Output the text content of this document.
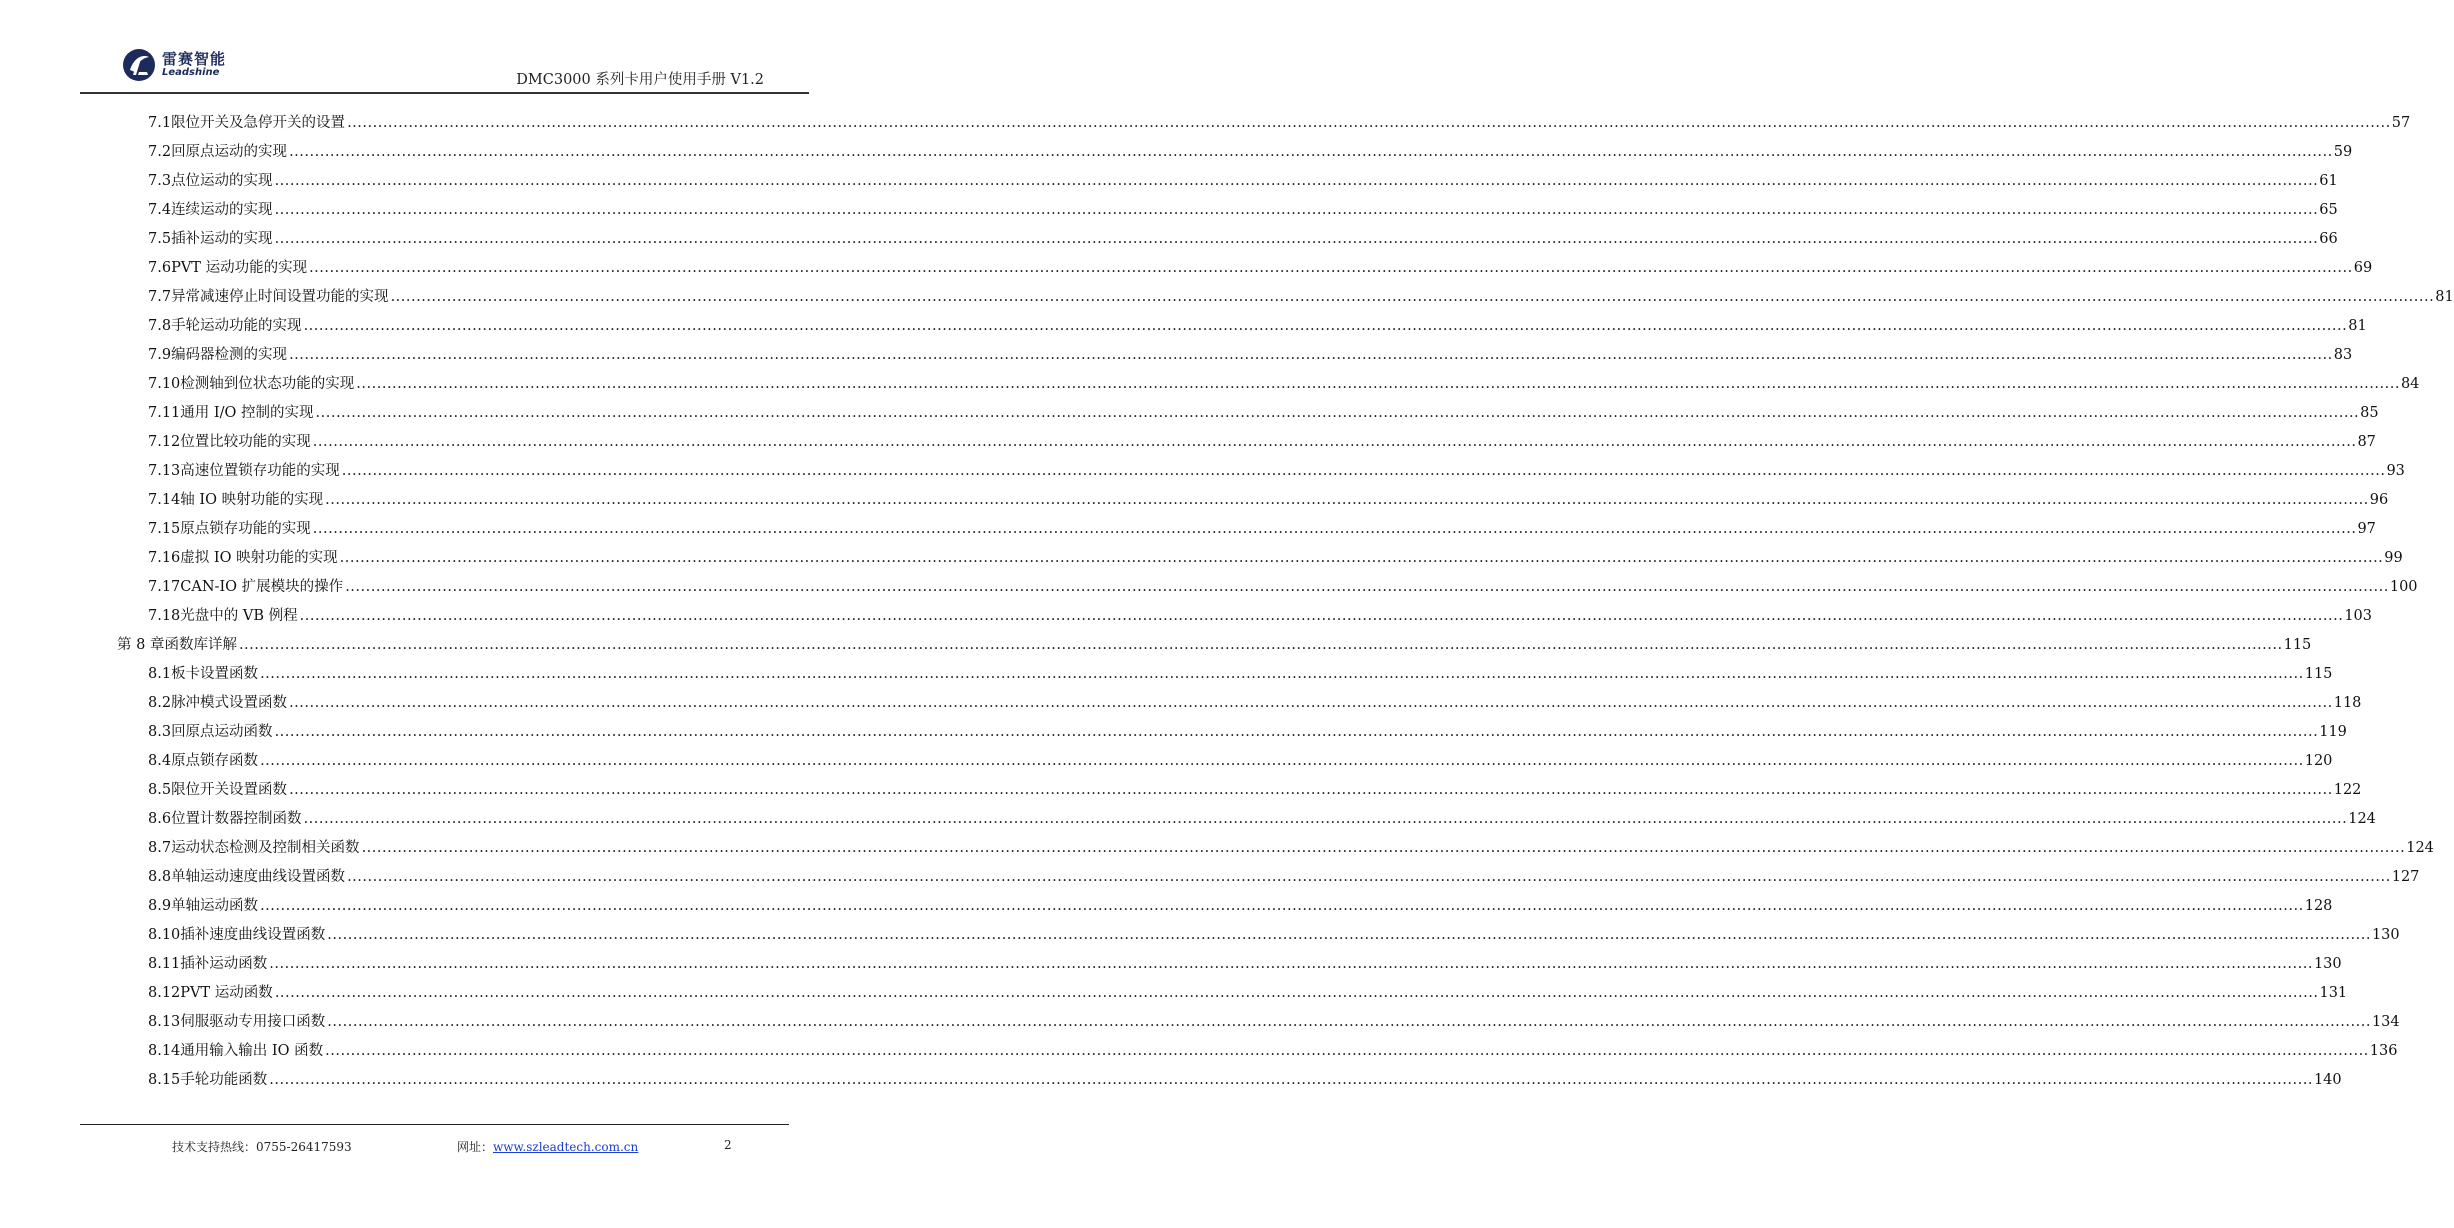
雷赛智能
Leadshine	DMC3000 系列卡用户使用手册 V1.2
7.1 限位开关及急停开关的设置 ................................................................................................................................................................................................................................................................................................................................................................................................................ 57
7.2 回原点运动的实现 ................................................................................................................................................................................................................................................................................................................................................................................................................ 59
7.3 点位运动的实现 ................................................................................................................................................................................................................................................................................................................................................................................................................ 61
7.4 连续运动的实现 ................................................................................................................................................................................................................................................................................................................................................................................................................ 65
7.5 插补运动的实现 ................................................................................................................................................................................................................................................................................................................................................................................................................ 66
7.6 PVT 运动功能的实现 ................................................................................................................................................................................................................................................................................................................................................................................................................ 69
7.7 异常减速停止时间设置功能的实现 ................................................................................................................................................................................................................................................................................................................................................................................................................ 81
7.8 手轮运动功能的实现 ................................................................................................................................................................................................................................................................................................................................................................................................................ 81
7.9 编码器检测的实现 ................................................................................................................................................................................................................................................................................................................................................................................................................ 83
7.10 检测轴到位状态功能的实现 ................................................................................................................................................................................................................................................................................................................................................................................................................ 84
7.11 通用 I/O 控制的实现 ................................................................................................................................................................................................................................................................................................................................................................................................................ 85
7.12 位置比较功能的实现 ................................................................................................................................................................................................................................................................................................................................................................................................................ 87
7.13 高速位置锁存功能的实现 ................................................................................................................................................................................................................................................................................................................................................................................................................ 93
7.14 轴 IO 映射功能的实现 ................................................................................................................................................................................................................................................................................................................................................................................................................ 96
7.15 原点锁存功能的实现 ................................................................................................................................................................................................................................................................................................................................................................................................................ 97
7.16 虚拟 IO 映射功能的实现 ................................................................................................................................................................................................................................................................................................................................................................................................................ 99
7.17 CAN-IO 扩展模块的操作 ................................................................................................................................................................................................................................................................................................................................................................................................................ 100
7.18 光盘中的 VB 例程 ................................................................................................................................................................................................................................................................................................................................................................................................................ 103
第 8 章 函数库详解 ................................................................................................................................................................................................................................................................................................................................................................................................................ 115
8.1 板卡设置函数 ................................................................................................................................................................................................................................................................................................................................................................................................................ 115
8.2 脉冲模式设置函数 ................................................................................................................................................................................................................................................................................................................................................................................................................ 118
8.3 回原点运动函数 ................................................................................................................................................................................................................................................................................................................................................................................................................ 119
8.4 原点锁存函数 ................................................................................................................................................................................................................................................................................................................................................................................................................ 120
8.5 限位开关设置函数 ................................................................................................................................................................................................................................................................................................................................................................................................................ 122
8.6 位置计数器控制函数 ................................................................................................................................................................................................................................................................................................................................................................................................................ 124
8.7 运动状态检测及控制相关函数 ................................................................................................................................................................................................................................................................................................................................................................................................................ 124
8.8 单轴运动速度曲线设置函数 ................................................................................................................................................................................................................................................................................................................................................................................................................ 127
8.9 单轴运动函数 ................................................................................................................................................................................................................................................................................................................................................................................................................ 128
8.10 插补速度曲线设置函数 ................................................................................................................................................................................................................................................................................................................................................................................................................ 130
8.11 插补运动函数 ................................................................................................................................................................................................................................................................................................................................................................................................................ 130
8.12 PVT 运动函数 ................................................................................................................................................................................................................................................................................................................................................................................................................ 131
8.13 伺服驱动专用接口函数 ................................................................................................................................................................................................................................................................................................................................................................................................................ 134
8.14 通用输入输出 IO 函数 ................................................................................................................................................................................................................................................................................................................................................................................................................ 136
8.15 手轮功能函数 ................................................................................................................................................................................................................................................................................................................................................................................................................ 140
技术支持热线：0755-26417593	网址：www.szleadtech.com.cn	2
